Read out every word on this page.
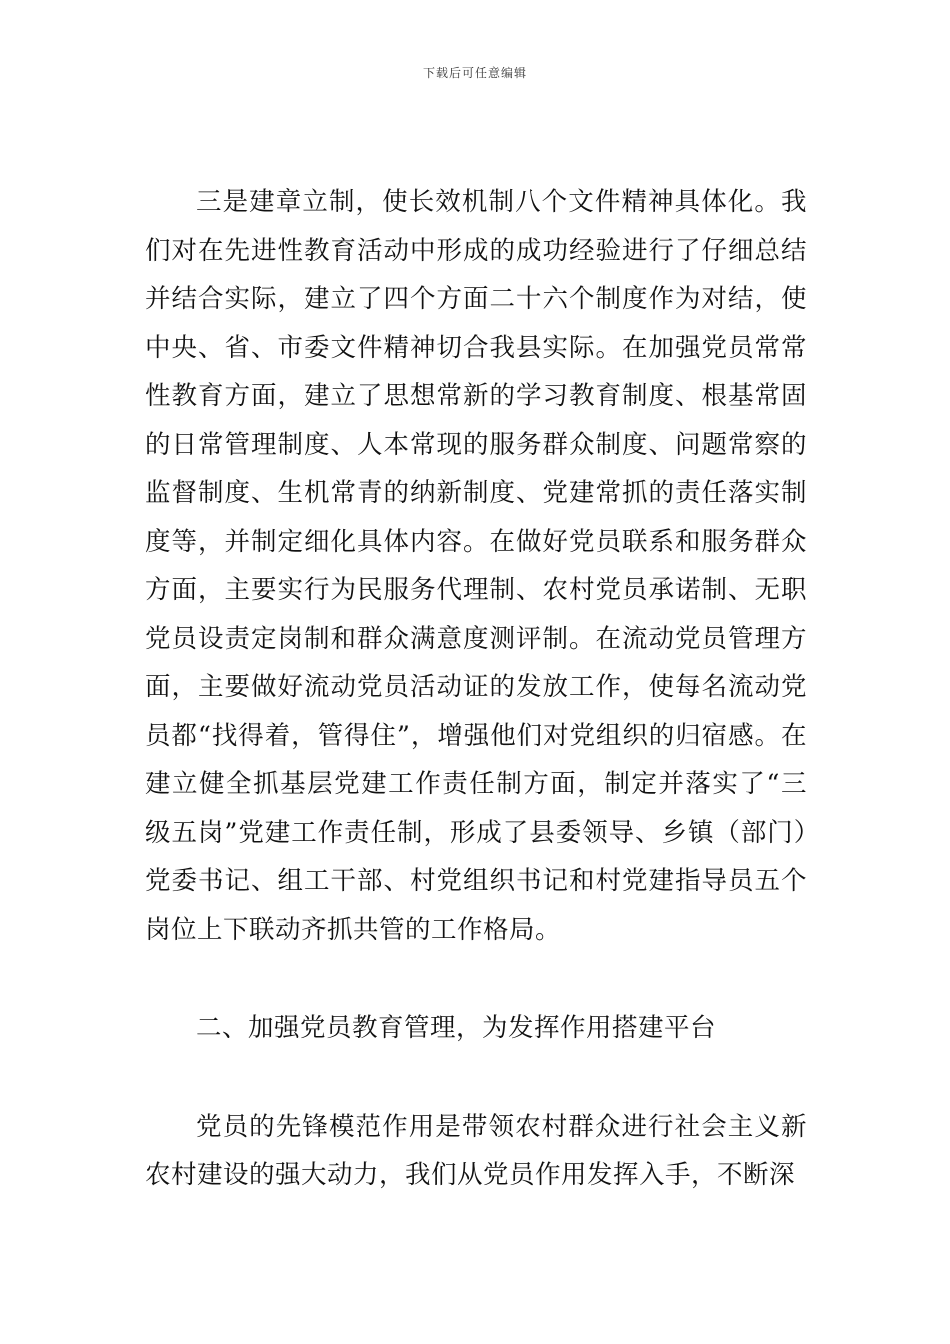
下载后可任意编辑

三是建章立制，使长效机制八个文件精神具体化。我们对在先进性教育活动中形成的成功经验进行了仔细总结并结合实际，建立了四个方面二十六个制度作为对结，使中央、省、市委文件精神切合我县实际。在加强党员常常性教育方面，建立了思想常新的学习教育制度、根基常固的日常管理制度、人本常现的服务群众制度、问题常察的监督制度、生机常青的纳新制度、党建常抓的责任落实制度等，并制定细化具体内容。在做好党员联系和服务群众方面，主要实行为民服务代理制、农村党员承诺制、无职党员设责定岗制和群众满意度测评制。在流动党员管理方面，主要做好流动党员活动证的发放工作，使每名流动党员都“找得着，管得住”，增强他们对党组织的归宿感。在建立健全抓基层党建工作责任制方面，制定并落实了“三级五岗”党建工作责任制，形成了县委领导、乡镇（部门）党委书记、组工干部、村党组织书记和村党建指导员五个岗位上下联动齐抓共管的工作格局。

二、加强党员教育管理，为发挥作用搭建平台

党员的先锋模范作用是带领农村群众进行社会主义新农村建设的强大动力，我们从党员作用发挥入手，不断深
